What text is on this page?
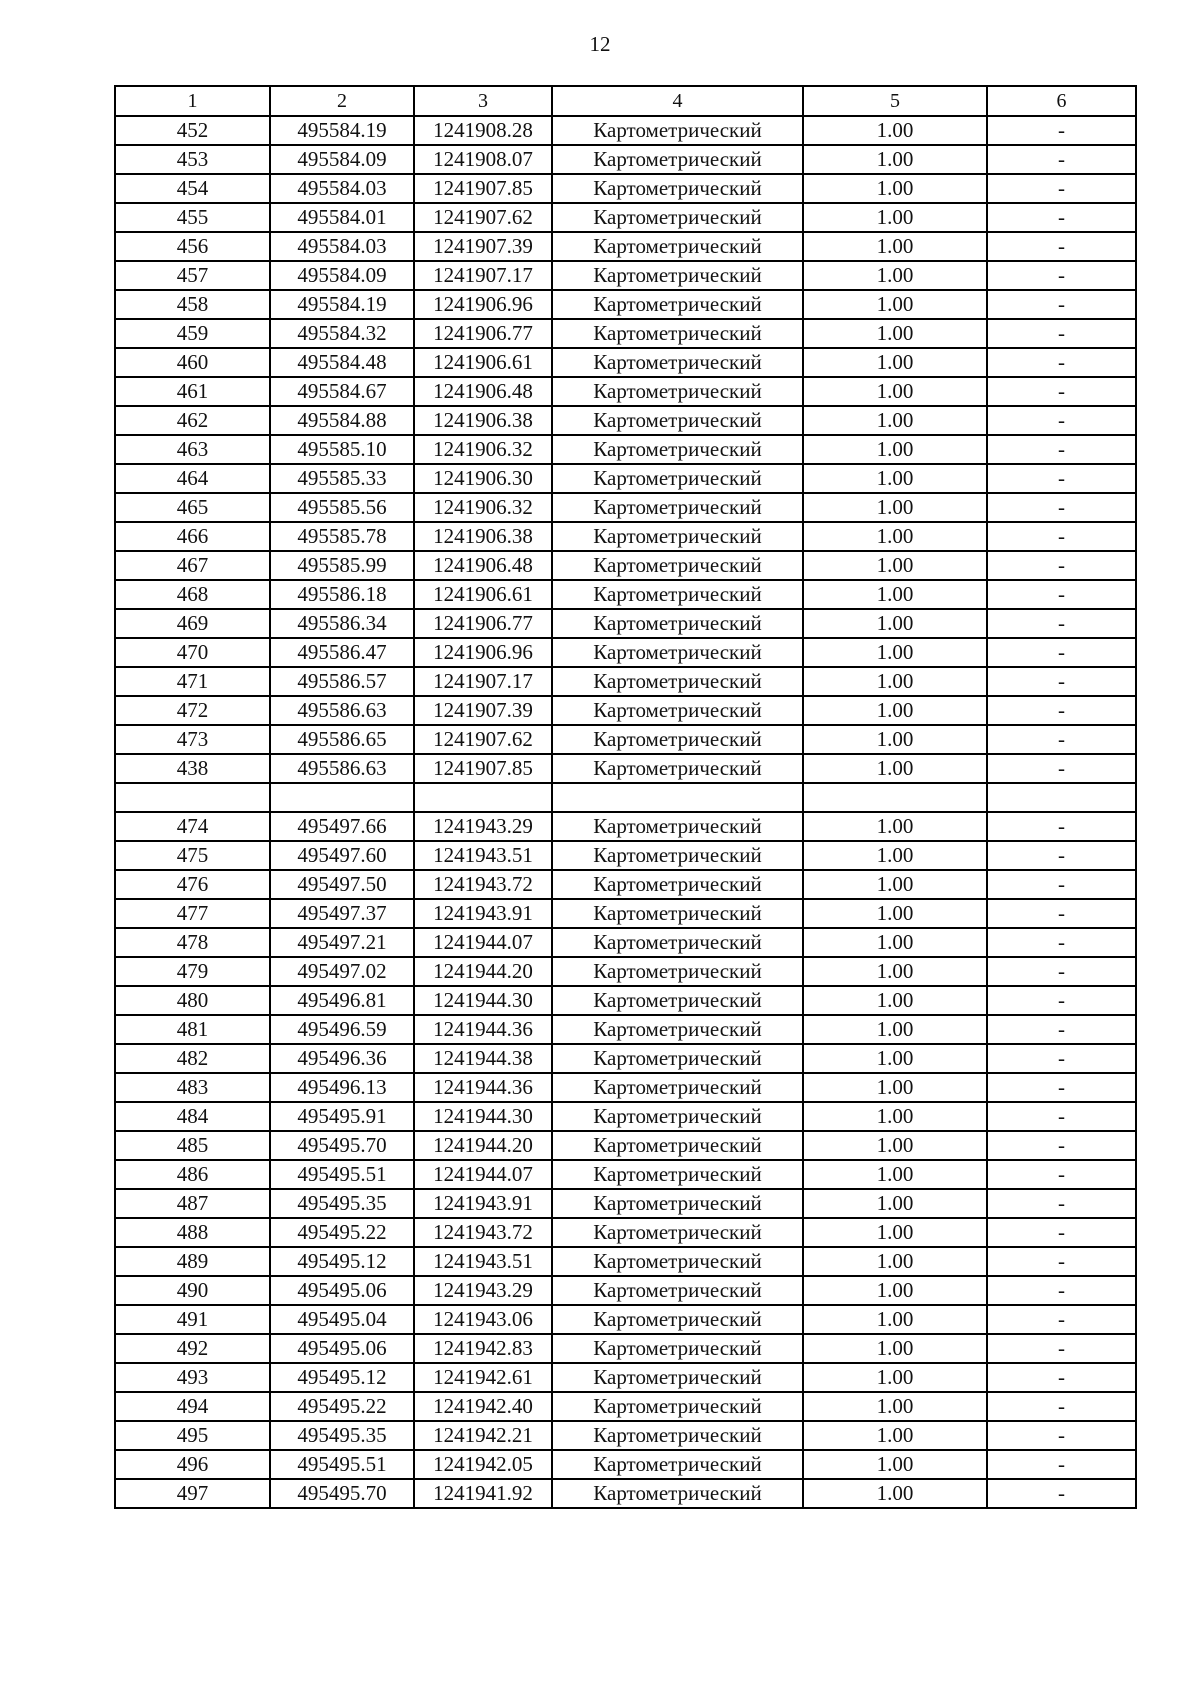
12
1	2	3	4	5	6
452	495584.19	1241908.28	Картометрический	1.00	-
453	495584.09	1241908.07	Картометрический	1.00	-
454	495584.03	1241907.85	Картометрический	1.00	-
455	495584.01	1241907.62	Картометрический	1.00	-
456	495584.03	1241907.39	Картометрический	1.00	-
457	495584.09	1241907.17	Картометрический	1.00	-
458	495584.19	1241906.96	Картометрический	1.00	-
459	495584.32	1241906.77	Картометрический	1.00	-
460	495584.48	1241906.61	Картометрический	1.00	-
461	495584.67	1241906.48	Картометрический	1.00	-
462	495584.88	1241906.38	Картометрический	1.00	-
463	495585.10	1241906.32	Картометрический	1.00	-
464	495585.33	1241906.30	Картометрический	1.00	-
465	495585.56	1241906.32	Картометрический	1.00	-
466	495585.78	1241906.38	Картометрический	1.00	-
467	495585.99	1241906.48	Картометрический	1.00	-
468	495586.18	1241906.61	Картометрический	1.00	-
469	495586.34	1241906.77	Картометрический	1.00	-
470	495586.47	1241906.96	Картометрический	1.00	-
471	495586.57	1241907.17	Картометрический	1.00	-
472	495586.63	1241907.39	Картометрический	1.00	-
473	495586.65	1241907.62	Картометрический	1.00	-
438	495586.63	1241907.85	Картометрический	1.00	-

474	495497.66	1241943.29	Картометрический	1.00	-
475	495497.60	1241943.51	Картометрический	1.00	-
476	495497.50	1241943.72	Картометрический	1.00	-
477	495497.37	1241943.91	Картометрический	1.00	-
478	495497.21	1241944.07	Картометрический	1.00	-
479	495497.02	1241944.20	Картометрический	1.00	-
480	495496.81	1241944.30	Картометрический	1.00	-
481	495496.59	1241944.36	Картометрический	1.00	-
482	495496.36	1241944.38	Картометрический	1.00	-
483	495496.13	1241944.36	Картометрический	1.00	-
484	495495.91	1241944.30	Картометрический	1.00	-
485	495495.70	1241944.20	Картометрический	1.00	-
486	495495.51	1241944.07	Картометрический	1.00	-
487	495495.35	1241943.91	Картометрический	1.00	-
488	495495.22	1241943.72	Картометрический	1.00	-
489	495495.12	1241943.51	Картометрический	1.00	-
490	495495.06	1241943.29	Картометрический	1.00	-
491	495495.04	1241943.06	Картометрический	1.00	-
492	495495.06	1241942.83	Картометрический	1.00	-
493	495495.12	1241942.61	Картометрический	1.00	-
494	495495.22	1241942.40	Картометрический	1.00	-
495	495495.35	1241942.21	Картометрический	1.00	-
496	495495.51	1241942.05	Картометрический	1.00	-
497	495495.70	1241941.92	Картометрический	1.00	-
